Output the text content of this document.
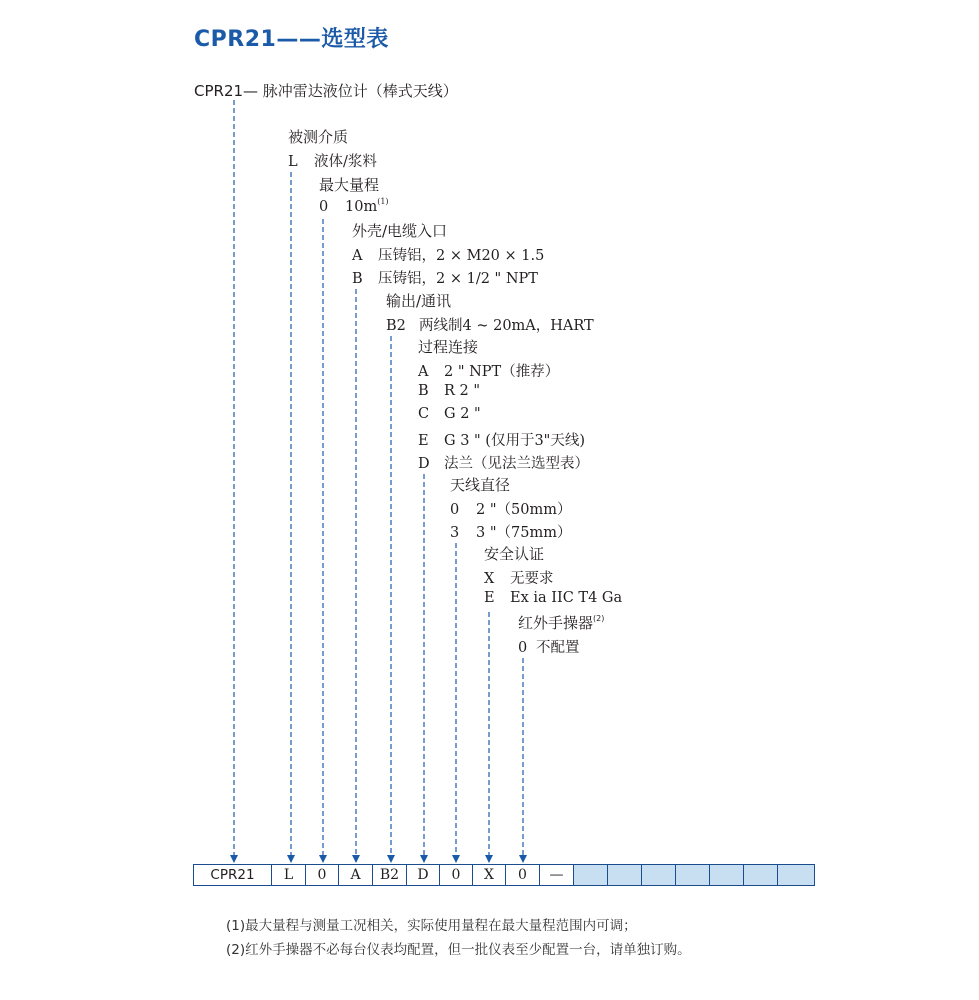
CPR21——选型表
CPR21— 脉冲雷达液位计（棒式天线）
被测介质
L 液体/浆料
最大量程
0 $10m^{(1)}$
外壳/电缆入口
A 压铸铝，2 × M20 × 1.5
B 压铸铝，2 × 1/2 " NPT
输出/通讯
B2 两线制4 ~ 20mA，HART
过程连接
A 2 " NPT（推荐）
B R 2 "
C G 2 "
E G 3 " (仅用于3"天线)
D 法兰（见法兰选型表）
天线直径
0 2 "（50mm）
3 3 "（75mm）
安全认证
X 无要求
E Ex ia IIC T4 Ga
红外手操器$^{(2)}$
0 不配置
CPR21	L	0	A	B2	D	0	X	0	—
(1)最大量程与测量工况相关，实际使用量程在最大量程范围内可调；
(2)红外手操器不必每台仪表均配置，但一批仪表至少配置一台，请单独订购。
